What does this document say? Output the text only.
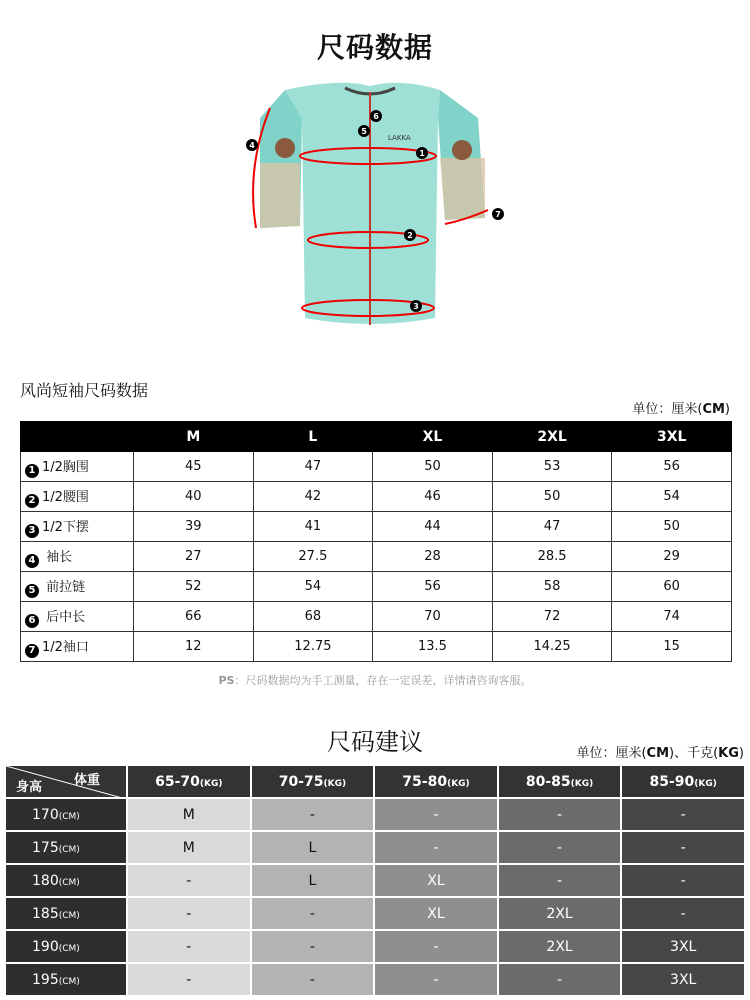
尺码数据
LAKKA
1
2
3
4
5
6
7
风尚短袖尺码数据
单位：厘米(CM)
	M	L	XL	2XL	3XL
1 1/2胸围	45	47	50	53	56
2 1/2腰围	40	42	46	50	54
3 1/2下摆	39	41	44	47	50
4 袖长	27	27.5	28	28.5	29
5 前拉链	52	54	56	58	60
6 后中长	66	68	70	72	74
7 1/2袖口	12	12.75	13.5	14.25	15
PS：尺码数据均为手工测量，存在一定误差，详情请咨询客服。
尺码建议	单位：厘米(CM)、千克(KG)
体重
身高	65-70(KG)	70-75(KG)	75-80(KG)	80-85(KG)	85-90(KG)
170(CM)	M	-	-	-	-
175(CM)	M	L	-	-	-
180(CM)	-	L	XL	-	-
185(CM)	-	-	XL	2XL	-
190(CM)	-	-	-	2XL	3XL
195(CM)	-	-	-	-	3XL
